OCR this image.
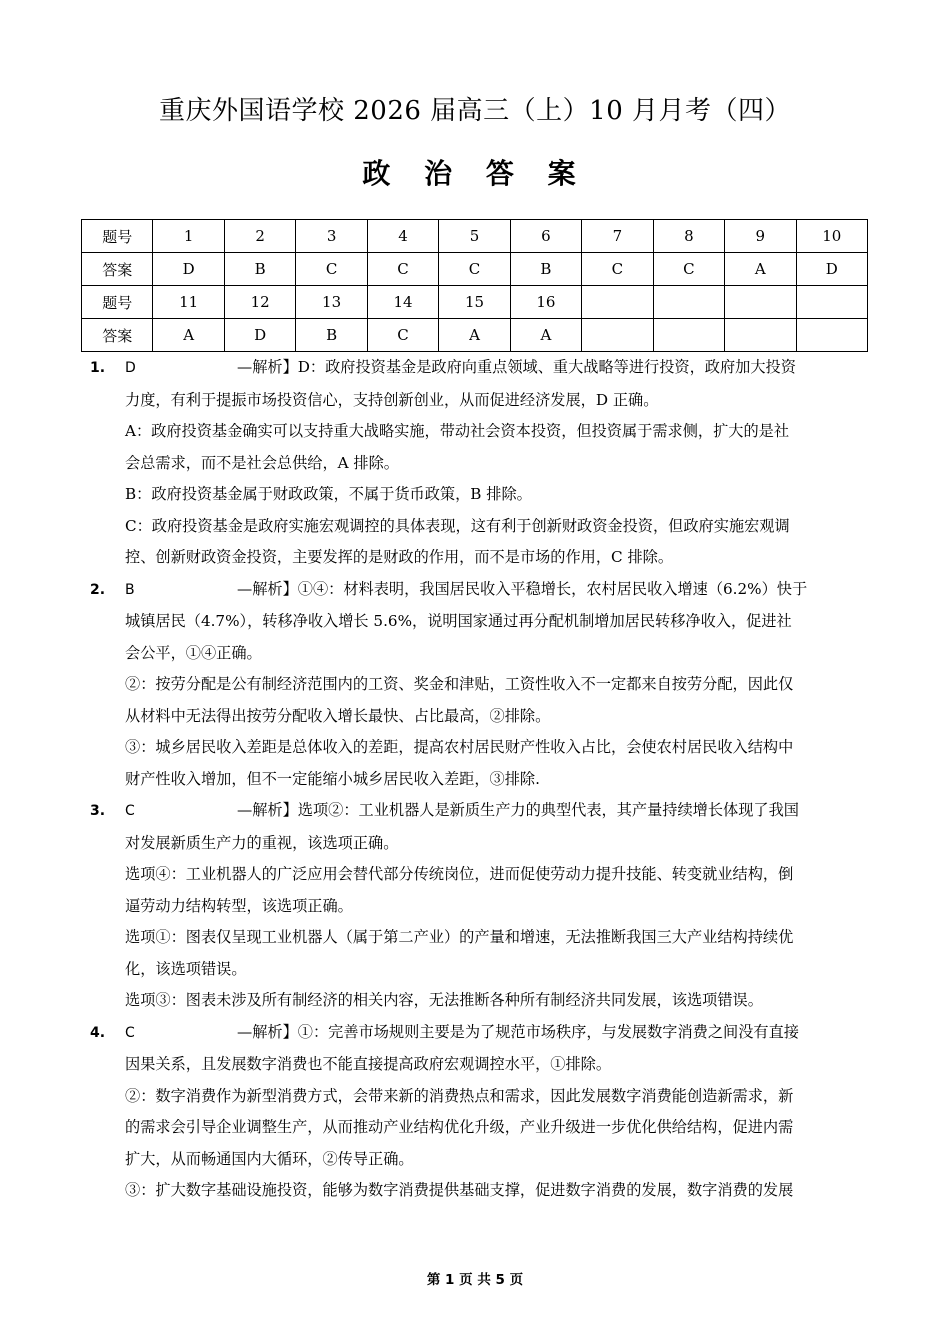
重庆外国语学校 2026 届高三（上）10 月月考（四）
政 治 答 案
题号	1	2	3	4	5	6	7	8	9	10
答案	D	B	C	C	C	B	C	C	A	D
题号	11	12	13	14	15	16				
答案	A	D	B	C	A	A				
1. D	—解析】D：政府投资基金是政府向重点领域、重大战略等进行投资，政府加大投资
力度，有利于提振市场投资信心，支持创新创业，从而促进经济发展，D 正确。
A：政府投资基金确实可以支持重大战略实施，带动社会资本投资，但投资属于需求侧，扩大的是社
会总需求，而不是社会总供给，A 排除。
B：政府投资基金属于财政政策，不属于货币政策，B 排除。
C：政府投资基金是政府实施宏观调控的具体表现，这有利于创新财政资金投资，但政府实施宏观调
控、创新财政资金投资，主要发挥的是财政的作用，而不是市场的作用，C 排除。
2. B	—解析】①④：材料表明，我国居民收入平稳增长，农村居民收入增速（6.2%）快于
城镇居民（4.7%），转移净收入增长 5.6%，说明国家通过再分配机制增加居民转移净收入，促进社
会公平，①④正确。
②：按劳分配是公有制经济范围内的工资、奖金和津贴，工资性收入不一定都来自按劳分配，因此仅
从材料中无法得出按劳分配收入增长最快、占比最高，②排除。
③：城乡居民收入差距是总体收入的差距，提高农村居民财产性收入占比，会使农村居民收入结构中
财产性收入增加，但不一定能缩小城乡居民收入差距，③排除.
3. C	—解析】选项②：工业机器人是新质生产力的典型代表，其产量持续增长体现了我国
对发展新质生产力的重视，该选项正确。
选项④：工业机器人的广泛应用会替代部分传统岗位，进而促使劳动力提升技能、转变就业结构，倒
逼劳动力结构转型，该选项正确。
选项①：图表仅呈现工业机器人（属于第二产业）的产量和增速，无法推断我国三大产业结构持续优
化，该选项错误。
选项③：图表未涉及所有制经济的相关内容，无法推断各种所有制经济共同发展，该选项错误。
4. C	—解析】①：完善市场规则主要是为了规范市场秩序，与发展数字消费之间没有直接
因果关系，且发展数字消费也不能直接提高政府宏观调控水平，①排除。
②：数字消费作为新型消费方式，会带来新的消费热点和需求，因此发展数字消费能创造新需求，新
的需求会引导企业调整生产，从而推动产业结构优化升级，产业升级进一步优化供给结构，促进内需
扩大，从而畅通国内大循环，②传导正确。
③：扩大数字基础设施投资，能够为数字消费提供基础支撑，促进数字消费的发展，数字消费的发展
第 1 页 共 5 页
